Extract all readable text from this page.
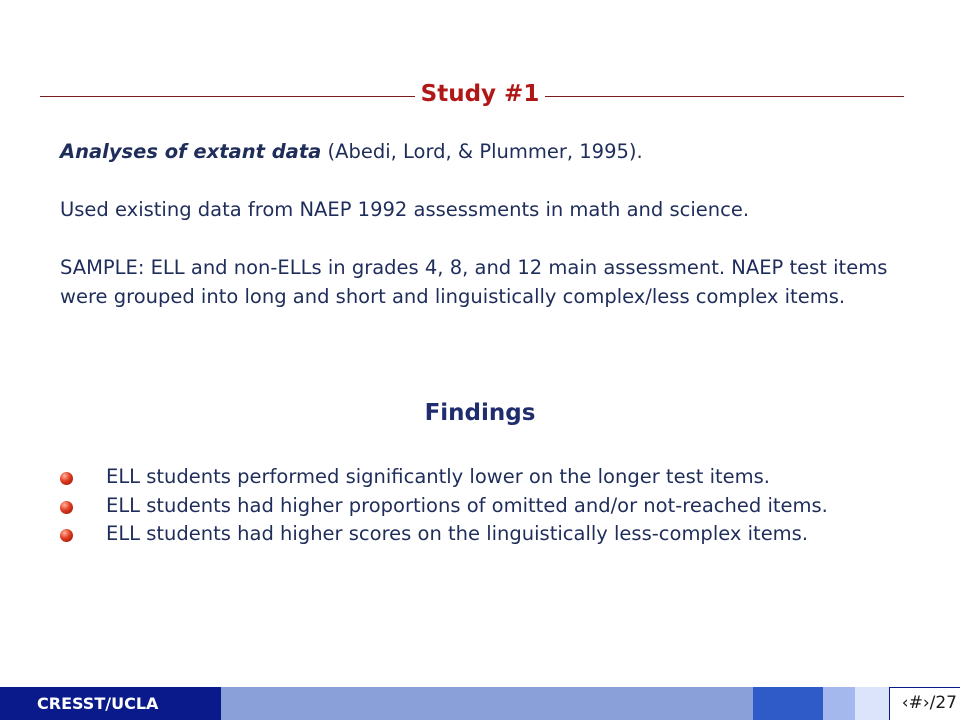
Study #1

Analyses of extant data (Abedi, Lord, & Plummer, 1995).

Used existing data from NAEP 1992 assessments in math and science.

SAMPLE: ELL and non-ELLs in grades 4, 8, and 12 main assessment. NAEP test items were grouped into long and short and linguistically complex/less complex items.

Findings
ELL students performed significantly lower on the longer test items.
ELL students had higher proportions of omitted and/or not-reached items.
ELL students had higher scores on the linguistically less-complex items.
CRESST/UCLA	‹#›/27
